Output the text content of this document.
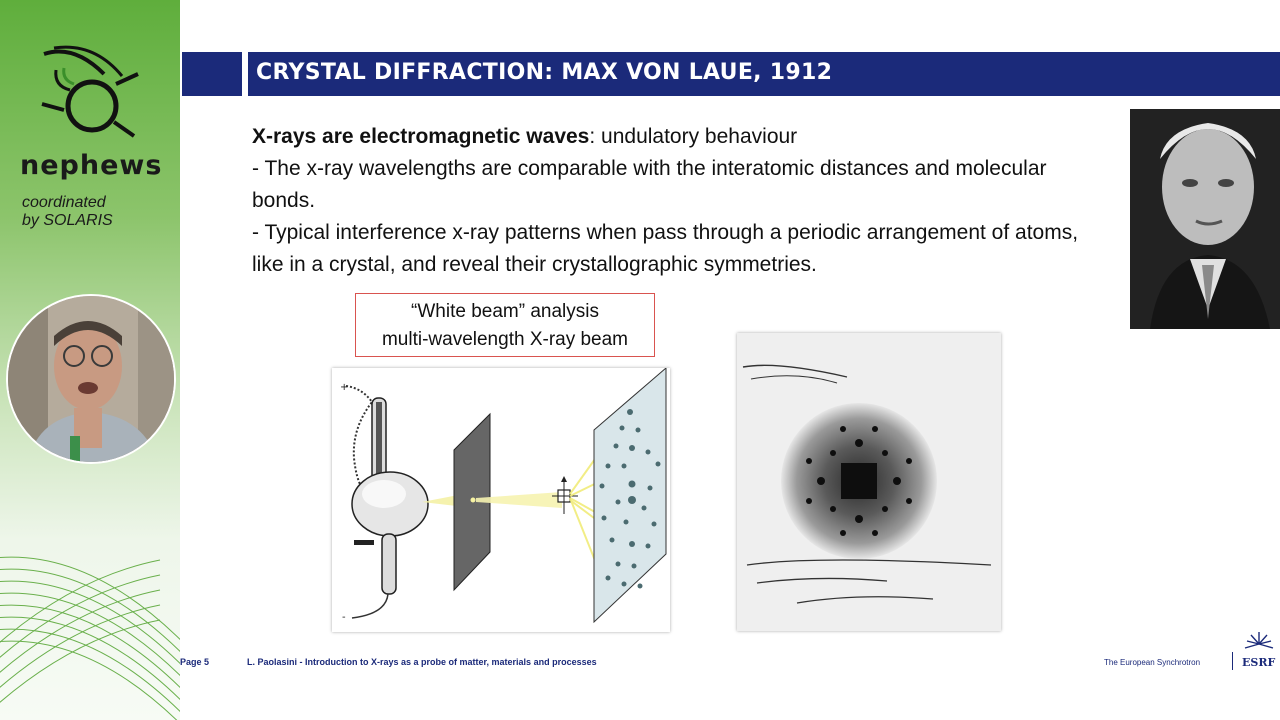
nephews
coordinated
by SOLARIS
CRYSTAL DIFFRACTION: MAX VON LAUE, 1912

X-rays are electromagnetic waves: undulatory behaviour

- The x-ray wavelengths are comparable with the interatomic distances and molecular bonds.

- Typical interference x-ray patterns when pass through a periodic arrangement of atoms, like in a crystal, and reveal their crystallographic symmetries.

“White beam” analysis
multi-wavelength X-ray beam
+
-
Page 5	L. Paolasini - Introduction to X-rays as a probe of matter, materials and processes	The European Synchrotron	ESRF
